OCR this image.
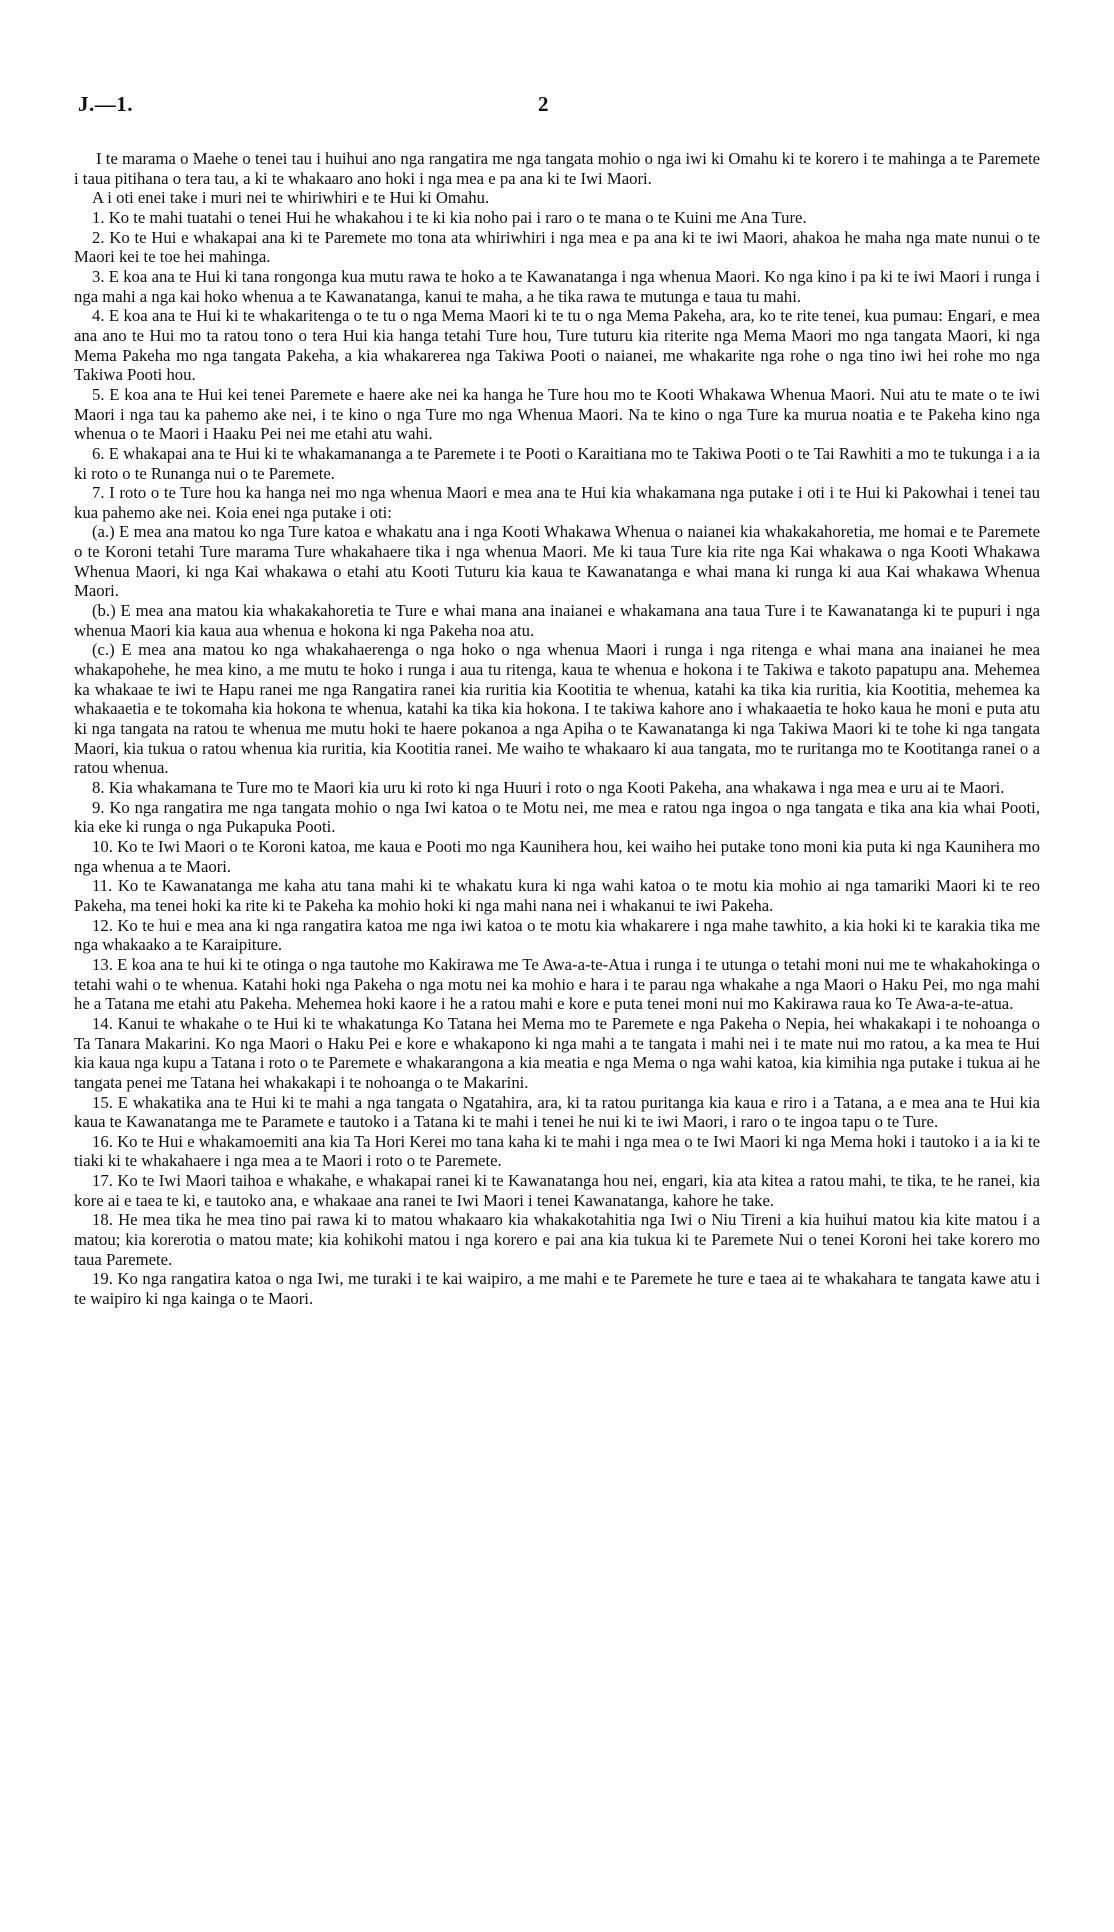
J.—1.	2

I te marama o Maehe o tenei tau i huihui ano nga rangatira me nga tangata mohio o nga iwi ki Omahu ki te korero i te mahinga a te Paremete i taua pitihana o tera tau, a ki te whakaaro ano hoki i nga mea e pa ana ki te Iwi Maori.

A i oti enei take i muri nei te whiriwhiri e te Hui ki Omahu.

1. Ko te mahi tuatahi o tenei Hui he whakahou i te ki kia noho pai i raro o te mana o te Kuini me Ana Ture.

2. Ko te Hui e whakapai ana ki te Paremete mo tona ata whiriwhiri i nga mea e pa ana ki te iwi Maori, ahakoa he maha nga mate nunui o te Maori kei te toe hei mahinga.

3. E koa ana te Hui ki tana rongonga kua mutu rawa te hoko a te Kawanatanga i nga whenua Maori. Ko nga kino i pa ki te iwi Maori i runga i nga mahi a nga kai hoko whenua a te Kawanatanga, kanui te maha, a he tika rawa te mutunga e taua tu mahi.

4. E koa ana te Hui ki te whakaritenga o te tu o nga Mema Maori ki te tu o nga Mema Pakeha, ara, ko te rite tenei, kua pumau: Engari, e mea ana ano te Hui mo ta ratou tono o tera Hui kia hanga tetahi Ture hou, Ture tuturu kia riterite nga Mema Maori mo nga tangata Maori, ki nga Mema Pakeha mo nga tangata Pakeha, a kia whakarerea nga Takiwa Pooti o naianei, me whakarite nga rohe o nga tino iwi hei rohe mo nga Takiwa Pooti hou.

5. E koa ana te Hui kei tenei Paremete e haere ake nei ka hanga he Ture hou mo te Kooti Whakawa Whenua Maori. Nui atu te mate o te iwi Maori i nga tau ka pahemo ake nei, i te kino o nga Ture mo nga Whenua Maori. Na te kino o nga Ture ka murua noatia e te Pakeha kino nga whenua o te Maori i Haaku Pei nei me etahi atu wahi.

6. E whakapai ana te Hui ki te whakamananga a te Paremete i te Pooti o Karaitiana mo te Takiwa Pooti o te Tai Rawhiti a mo te tukunga i a ia ki roto o te Runanga nui o te Paremete.

7. I roto o te Ture hou ka hanga nei mo nga whenua Maori e mea ana te Hui kia whakamana nga putake i oti i te Hui ki Pakowhai i tenei tau kua pahemo ake nei. Koia enei nga putake i oti:

(a.) E mea ana matou ko nga Ture katoa e whakatu ana i nga Kooti Whakawa Whenua o naianei kia whakakahoretia, me homai e te Paremete o te Koroni tetahi Ture marama Ture whakahaere tika i nga whenua Maori. Me ki taua Ture kia rite nga Kai whakawa o nga Kooti Whakawa Whenua Maori, ki nga Kai whakawa o etahi atu Kooti Tuturu kia kaua te Kawanatanga e whai mana ki runga ki aua Kai whakawa Whenua Maori.

(b.) E mea ana matou kia whakakahoretia te Ture e whai mana ana inaianei e whakamana ana taua Ture i te Kawanatanga ki te pupuri i nga whenua Maori kia kaua aua whenua e hokona ki nga Pakeha noa atu.

(c.) E mea ana matou ko nga whakahaerenga o nga hoko o nga whenua Maori i runga i nga ritenga e whai mana ana inaianei he mea whakapohehe, he mea kino, a me mutu te hoko i runga i aua tu ritenga, kaua te whenua e hokona i te Takiwa e takoto papatupu ana. Mehemea ka whakaae te iwi te Hapu ranei me nga Rangatira ranei kia ruritia kia Kootitia te whenua, katahi ka tika kia ruritia, kia Kootitia, mehemea ka whakaaetia e te tokomaha kia hokona te whenua, katahi ka tika kia hokona. I te takiwa kahore ano i whakaaetia te hoko kaua he moni e puta atu ki nga tangata na ratou te whenua me mutu hoki te haere pokanoa a nga Apiha o te Kawanatanga ki nga Takiwa Maori ki te tohe ki nga tangata Maori, kia tukua o ratou whenua kia ruritia, kia Kootitia ranei. Me waiho te whakaaro ki aua tangata, mo te ruritanga mo te Kootitanga ranei o a ratou whenua.

8. Kia whakamana te Ture mo te Maori kia uru ki roto ki nga Huuri i roto o nga Kooti Pakeha, ana whakawa i nga mea e uru ai te Maori.

9. Ko nga rangatira me nga tangata mohio o nga Iwi katoa o te Motu nei, me mea e ratou nga ingoa o nga tangata e tika ana kia whai Pooti, kia eke ki runga o nga Pukapuka Pooti.

10. Ko te Iwi Maori o te Koroni katoa, me kaua e Pooti mo nga Kaunihera hou, kei waiho hei putake tono moni kia puta ki nga Kaunihera mo nga whenua a te Maori.

11. Ko te Kawanatanga me kaha atu tana mahi ki te whakatu kura ki nga wahi katoa o te motu kia mohio ai nga tamariki Maori ki te reo Pakeha, ma tenei hoki ka rite ki te Pakeha ka mohio hoki ki nga mahi nana nei i whakanui te iwi Pakeha.

12. Ko te hui e mea ana ki nga rangatira katoa me nga iwi katoa o te motu kia whakarere i nga mahe tawhito, a kia hoki ki te karakia tika me nga whakaako a te Karaipiture.

13. E koa ana te hui ki te otinga o nga tautohe mo Kakirawa me Te Awa-a-te-Atua i runga i te utunga o tetahi moni nui me te whakahokinga o tetahi wahi o te whenua. Katahi hoki nga Pakeha o nga motu nei ka mohio e hara i te parau nga whakahe a nga Maori o Haku Pei, mo nga mahi he a Tatana me etahi atu Pakeha. Mehemea hoki kaore i he a ratou mahi e kore e puta tenei moni nui mo Kakirawa raua ko Te Awa-a-te-atua.

14. Kanui te whakahe o te Hui ki te whakatunga Ko Tatana hei Mema mo te Paremete e nga Pakeha o Nepia, hei whakakapi i te nohoanga o Ta Tanara Makarini. Ko nga Maori o Haku Pei e kore e whakapono ki nga mahi a te tangata i mahi nei i te mate nui mo ratou, a ka mea te Hui kia kaua nga kupu a Tatana i roto o te Paremete e whakarangona a kia meatia e nga Mema o nga wahi katoa, kia kimihia nga putake i tukua ai he tangata penei me Tatana hei whakakapi i te nohoanga o te Makarini.

15. E whakatika ana te Hui ki te mahi a nga tangata o Ngatahira, ara, ki ta ratou puritanga kia kaua e riro i a Tatana, a e mea ana te Hui kia kaua te Kawanatanga me te Paramete e tautoko i a Tatana ki te mahi i tenei he nui ki te iwi Maori, i raro o te ingoa tapu o te Ture.

16. Ko te Hui e whakamoemiti ana kia Ta Hori Kerei mo tana kaha ki te mahi i nga mea o te Iwi Maori ki nga Mema hoki i tautoko i a ia ki te tiaki ki te whakahaere i nga mea a te Maori i roto o te Paremete.

17. Ko te Iwi Maori taihoa e whakahe, e whakapai ranei ki te Kawanatanga hou nei, engari, kia ata kitea a ratou mahi, te tika, te he ranei, kia kore ai e taea te ki, e tautoko ana, e whakaae ana ranei te Iwi Maori i tenei Kawanatanga, kahore he take.

18. He mea tika he mea tino pai rawa ki to matou whakaaro kia whakakotahitia nga Iwi o Niu Tireni a kia huihui matou kia kite matou i a matou; kia korerotia o matou mate; kia kohikohi matou i nga korero e pai ana kia tukua ki te Paremete Nui o tenei Koroni hei take korero mo taua Paremete.

19. Ko nga rangatira katoa o nga Iwi, me turaki i te kai waipiro, a me mahi e te Paremete he ture e taea ai te whakahara te tangata kawe atu i te waipiro ki nga kainga o te Maori.
